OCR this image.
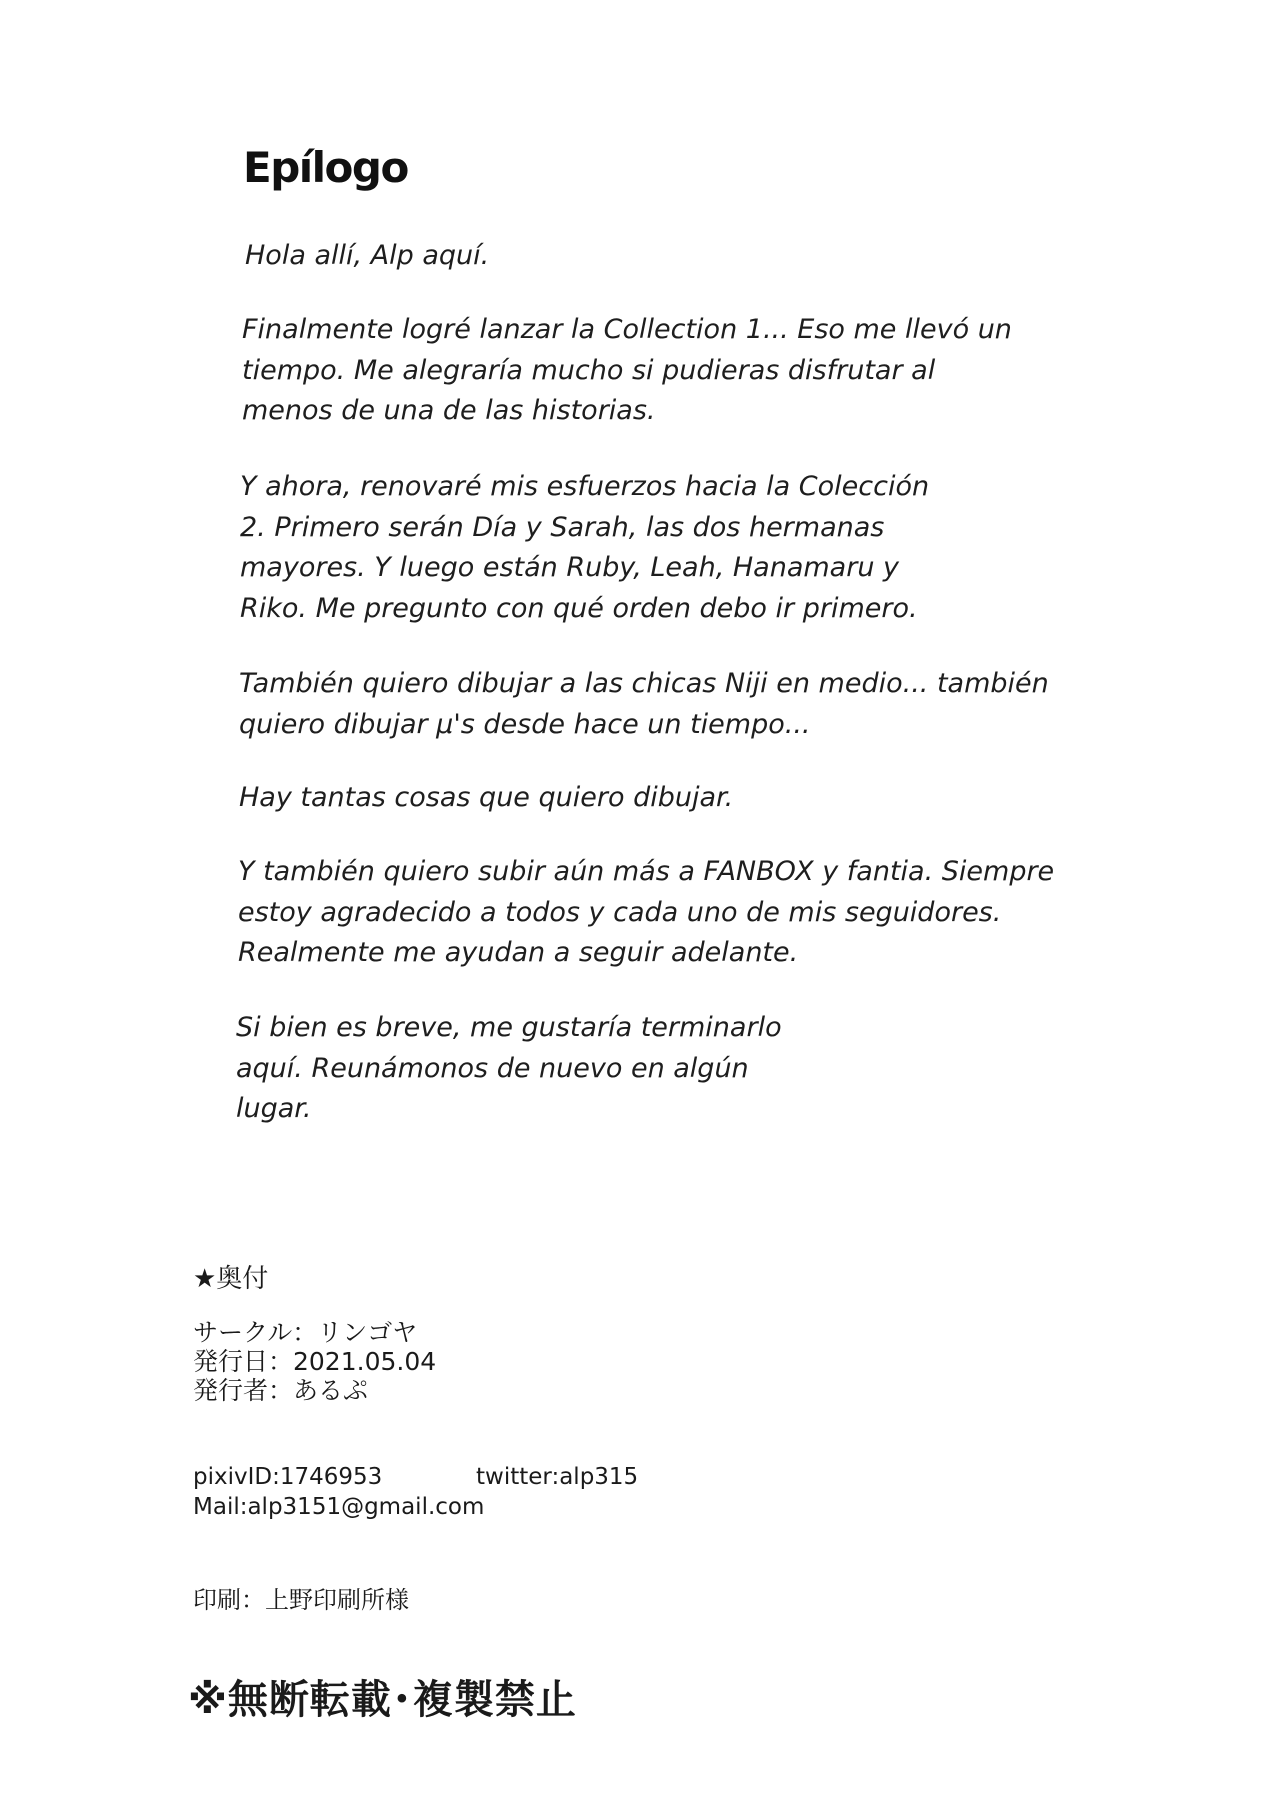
Epílogo

Hola allí, Alp aquí.

Finalmente logré lanzar la Collection 1... Eso me llevó un
tiempo. Me alegraría mucho si pudieras disfrutar al
menos de una de las historias.

Y ahora, renovaré mis esfuerzos hacia la Colección
2. Primero serán Día y Sarah, las dos hermanas
mayores. Y luego están Ruby, Leah, Hanamaru y
Riko. Me pregunto con qué orden debo ir primero.

También quiero dibujar a las chicas Niji en medio... también
quiero dibujar μ's desde hace un tiempo...

Hay tantas cosas que quiero dibujar.

Y también quiero subir aún más a FANBOX y fantia. Siempre
estoy agradecido a todos y cada uno de mis seguidores.
Realmente me ayudan a seguir adelante.

Si bien es breve, me gustaría terminarlo
aquí. Reunámonos de nuevo en algún
lugar.

★奥付
サークル：リンゴヤ
発行日：2021.05.04
発行者：あるぷ
pixivID:1746953	twitter:alp315
Mail:alp3151@gmail.com
印刷：上野印刷所様
※無断転載･複製禁止
